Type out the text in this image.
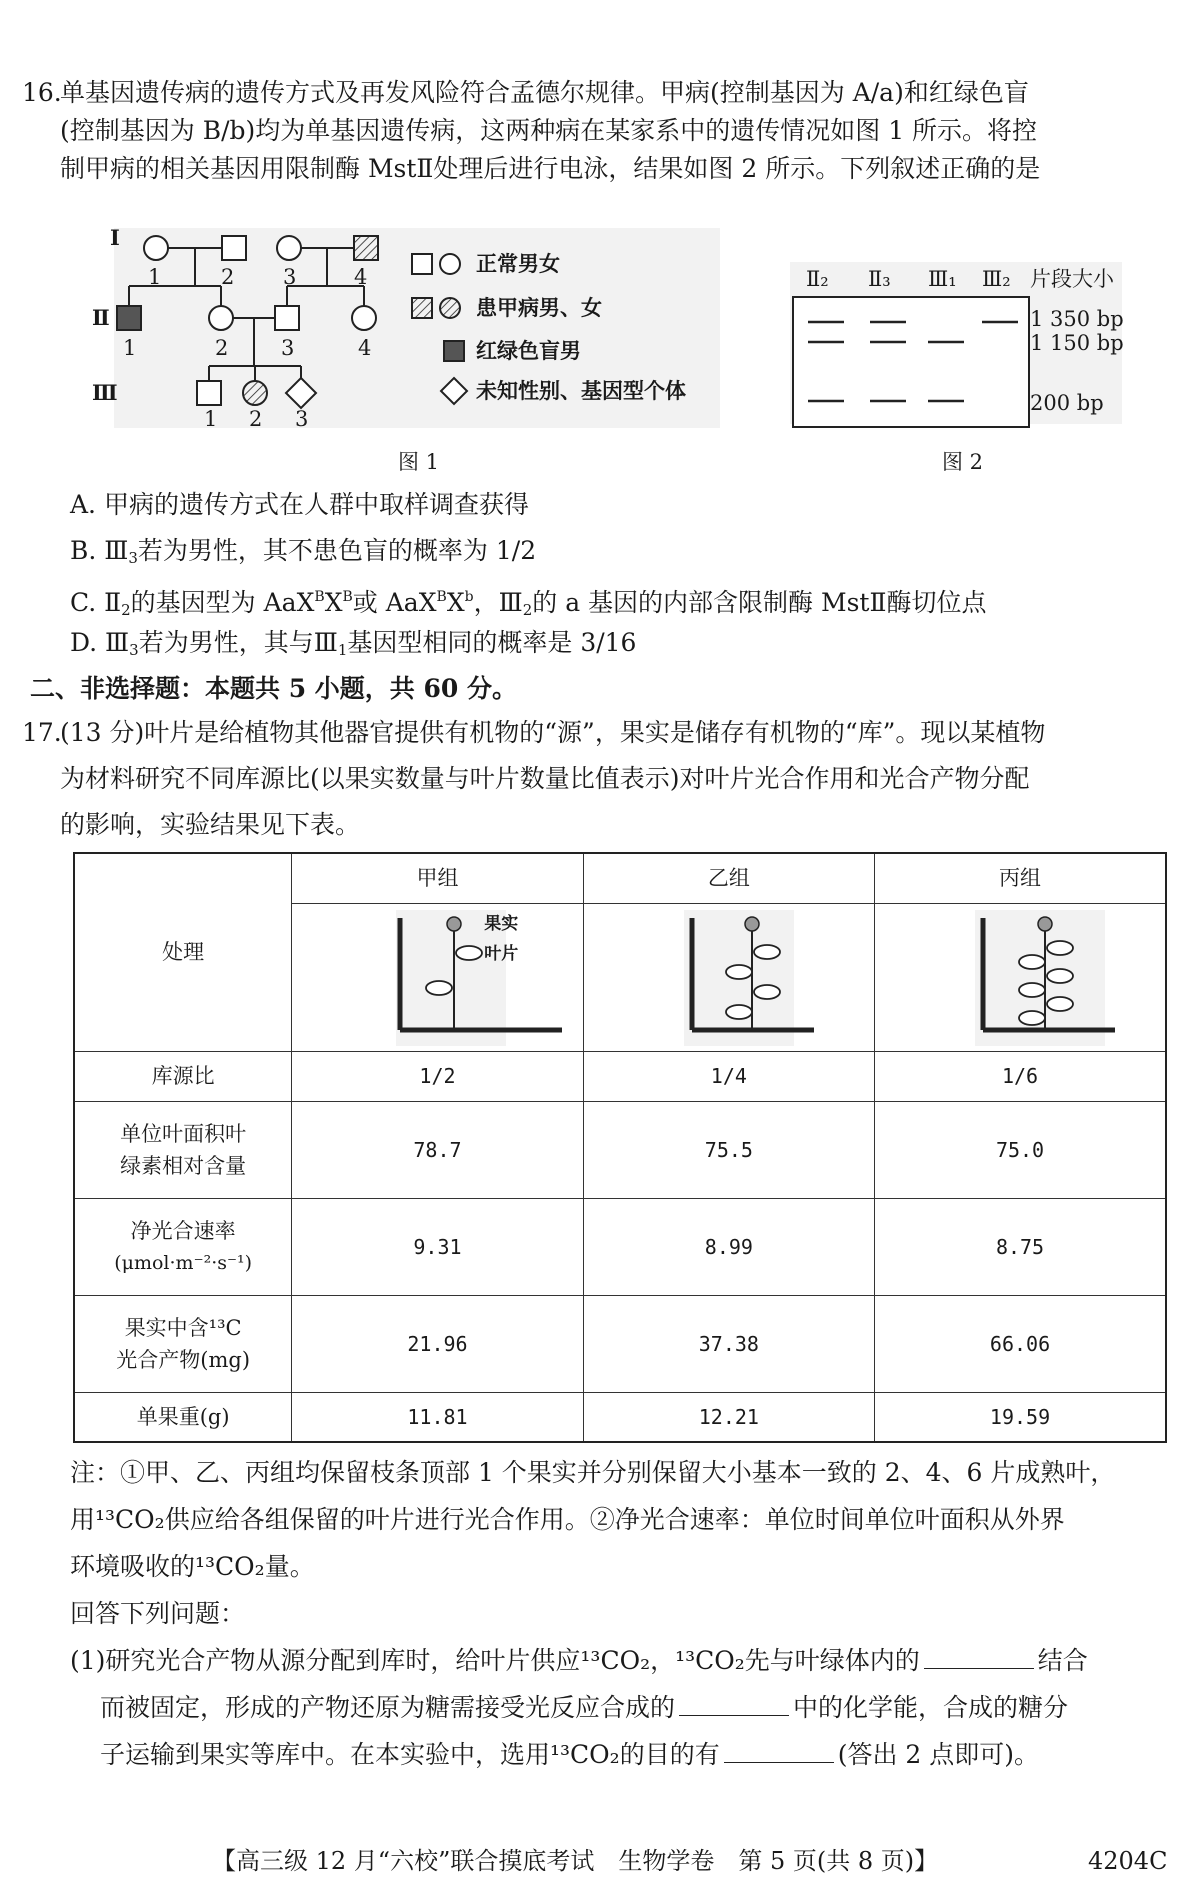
16.
单基因遗传病的遗传方式及再发风险符合孟德尔规律。甲病(控制基因为 A/a)和红绿色盲
(控制基因为 B/b)均为单基因遗传病，这两种病在某家系中的遗传情况如图 1 所示。将控
制甲病的相关基因用限制酶 MstⅡ处理后进行电泳，结果如图 2 所示。下列叙述正确的是
Ⅰ
1	2 3	4
Ⅱ
1	2	3	4
Ⅲ
1 2 3
正常男女
患甲病男、女
红绿色盲男
未知性别、基因型个体
图 1
Ⅱ₂ Ⅱ₃ Ⅲ₁ Ⅲ₂ 片段大小
1 350 bp
1 150 bp
200 bp
图 2
A. 甲病的遗传方式在人群中取样调查获得
B. $Ⅲ_3$若为男性，其不患色盲的概率为 1/2
C. $Ⅱ_2$的基因型为 $AaX^BX^B$或 $AaX^BX^b$，$Ⅲ_2$的 a 基因的内部含限制酶 MstⅡ酶切位点
D. $Ⅲ_3$若为男性，其与$Ⅲ_1$基因型相同的概率是 3/16
二、非选择题：本题共 5 小题，共 60 分。
17.
(13 分)叶片是给植物其他器官提供有机物的“源”，果实是储存有机物的“库”。现以某植物
为材料研究不同库源比(以果实数量与叶片数量比值表示)对叶片光合作用和光合产物分配
的影响，实验结果见下表。
处理	甲组	乙组	丙组

	果实
叶片

库源比	1/2	1/4	1/6

单位叶面积叶
绿素相对含量	78.7	75.5	75.0

净光合速率
(μmol·m⁻²·s⁻¹)	9.31	8.99	8.75

果实中含¹³C
光合产物(mg)	21.96	37.38	66.06
单果重(g)	11.81	12.21	19.59
注：①甲、乙、丙组均保留枝条顶部 1 个果实并分别保留大小基本一致的 2、4、6 片成熟叶，
用¹³CO₂供应给各组保留的叶片进行光合作用。②净光合速率：单位时间单位叶面积从外界
环境吸收的¹³CO₂量。
回答下列问题：
(1)研究光合产物从源分配到库时，给叶片供应¹³CO₂，¹³CO₂先与叶绿体内的	结合
而被固定，形成的产物还原为糖需接受光反应合成的	中的化学能，合成的糖分
子运输到果实等库中。在本实验中，选用¹³CO₂的目的有	(答出 2 点即可)。
【高三级 12 月“六校”联合摸底考试　生物学卷　第 5 页(共 8 页)】	4204C
